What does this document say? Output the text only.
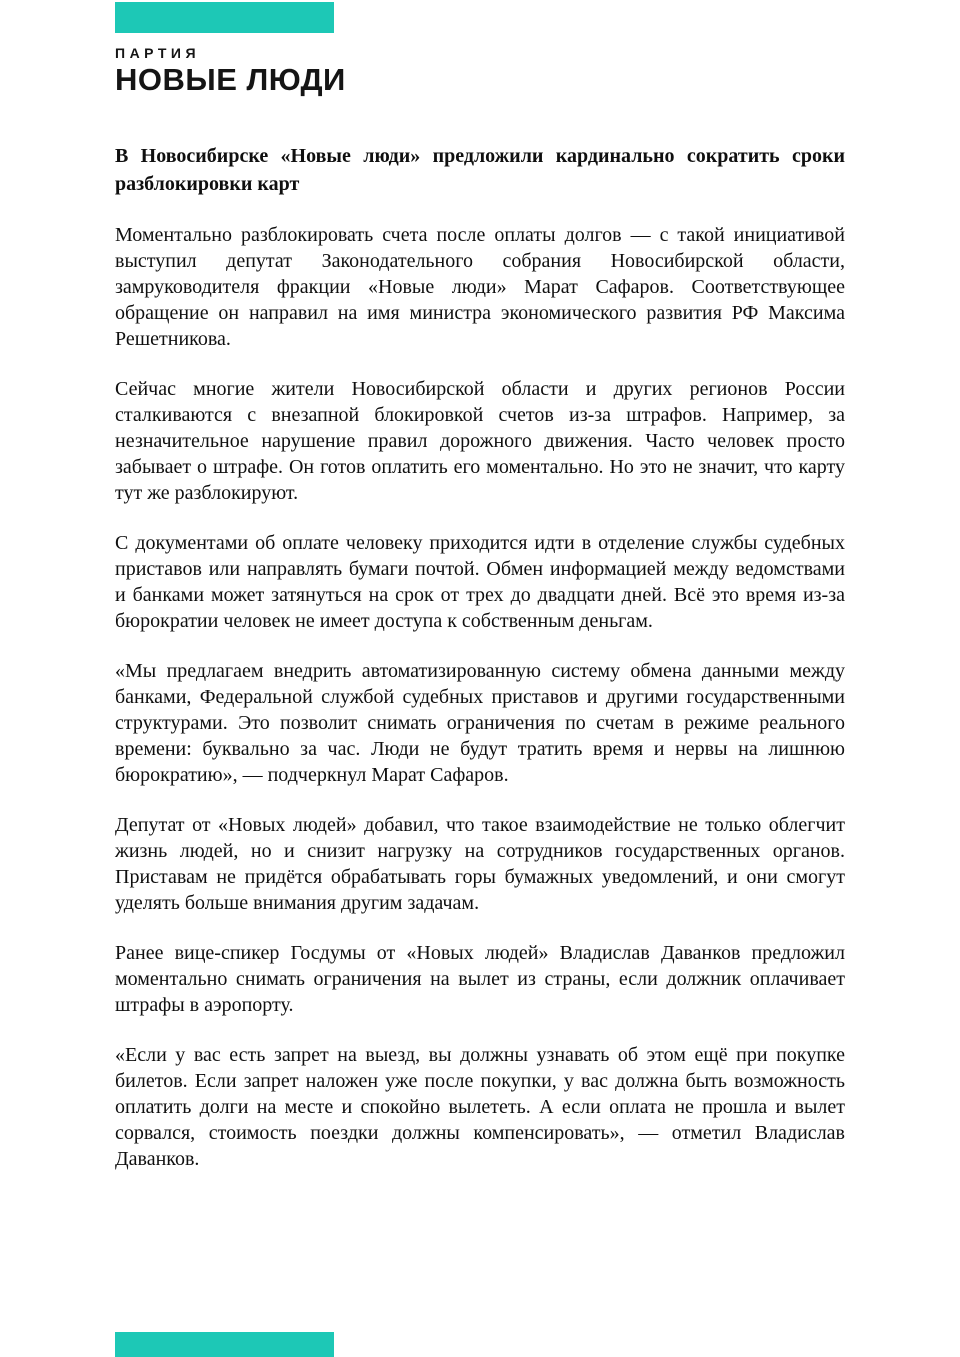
ПАРТИЯ
НОВЫЕ ЛЮДИ
В Новосибирске «Новые люди» предложили кардинально сократить сроки разблокировки карт

Моментально разблокировать счета после оплаты долгов — с такой инициативой выступил депутат Законодательного собрания Новосибирской области, замруководителя фракции «Новые люди» Марат Сафаров. Соответствующее обращение он направил на имя министра экономического развития РФ Максима Решетникова.

Сейчас многие жители Новосибирской области и других регионов России сталкиваются с внезапной блокировкой счетов из-за штрафов. Например, за незначительное нарушение правил дорожного движения. Часто человек просто забывает о штрафе. Он готов оплатить его моментально. Но это не значит, что карту тут же разблокируют.

С документами об оплате человеку приходится идти в отделение службы судебных приставов или направлять бумаги почтой. Обмен информацией между ведомствами и банками может затянуться на срок от трех до двадцати дней. Всё это время из-за бюрократии человек не имеет доступа к собственным деньгам.

«Мы предлагаем внедрить автоматизированную систему обмена данными между банками, Федеральной службой судебных приставов и другими государственными структурами. Это позволит снимать ограничения по счетам в режиме реального времени: буквально за час. Люди не будут тратить время и нервы на лишнюю бюрократию», — подчеркнул Марат Сафаров.

Депутат от «Новых людей» добавил, что такое взаимодействие не только облегчит жизнь людей, но и снизит нагрузку на сотрудников государственных органов. Приставам не придётся обрабатывать горы бумажных уведомлений, и они смогут уделять больше внимания другим задачам.

Ранее вице-спикер Госдумы от «Новых людей» Владислав Даванков предложил моментально снимать ограничения на вылет из страны, если должник оплачивает штрафы в аэропорту.

«Если у вас есть запрет на выезд, вы должны узнавать об этом ещё при покупке билетов. Если запрет наложен уже после покупки, у вас должна быть возможность оплатить долги на месте и спокойно вылететь. А если оплата не прошла и вылет сорвался, стоимость поездки должны компенсировать», — отметил Владислав Даванков.
